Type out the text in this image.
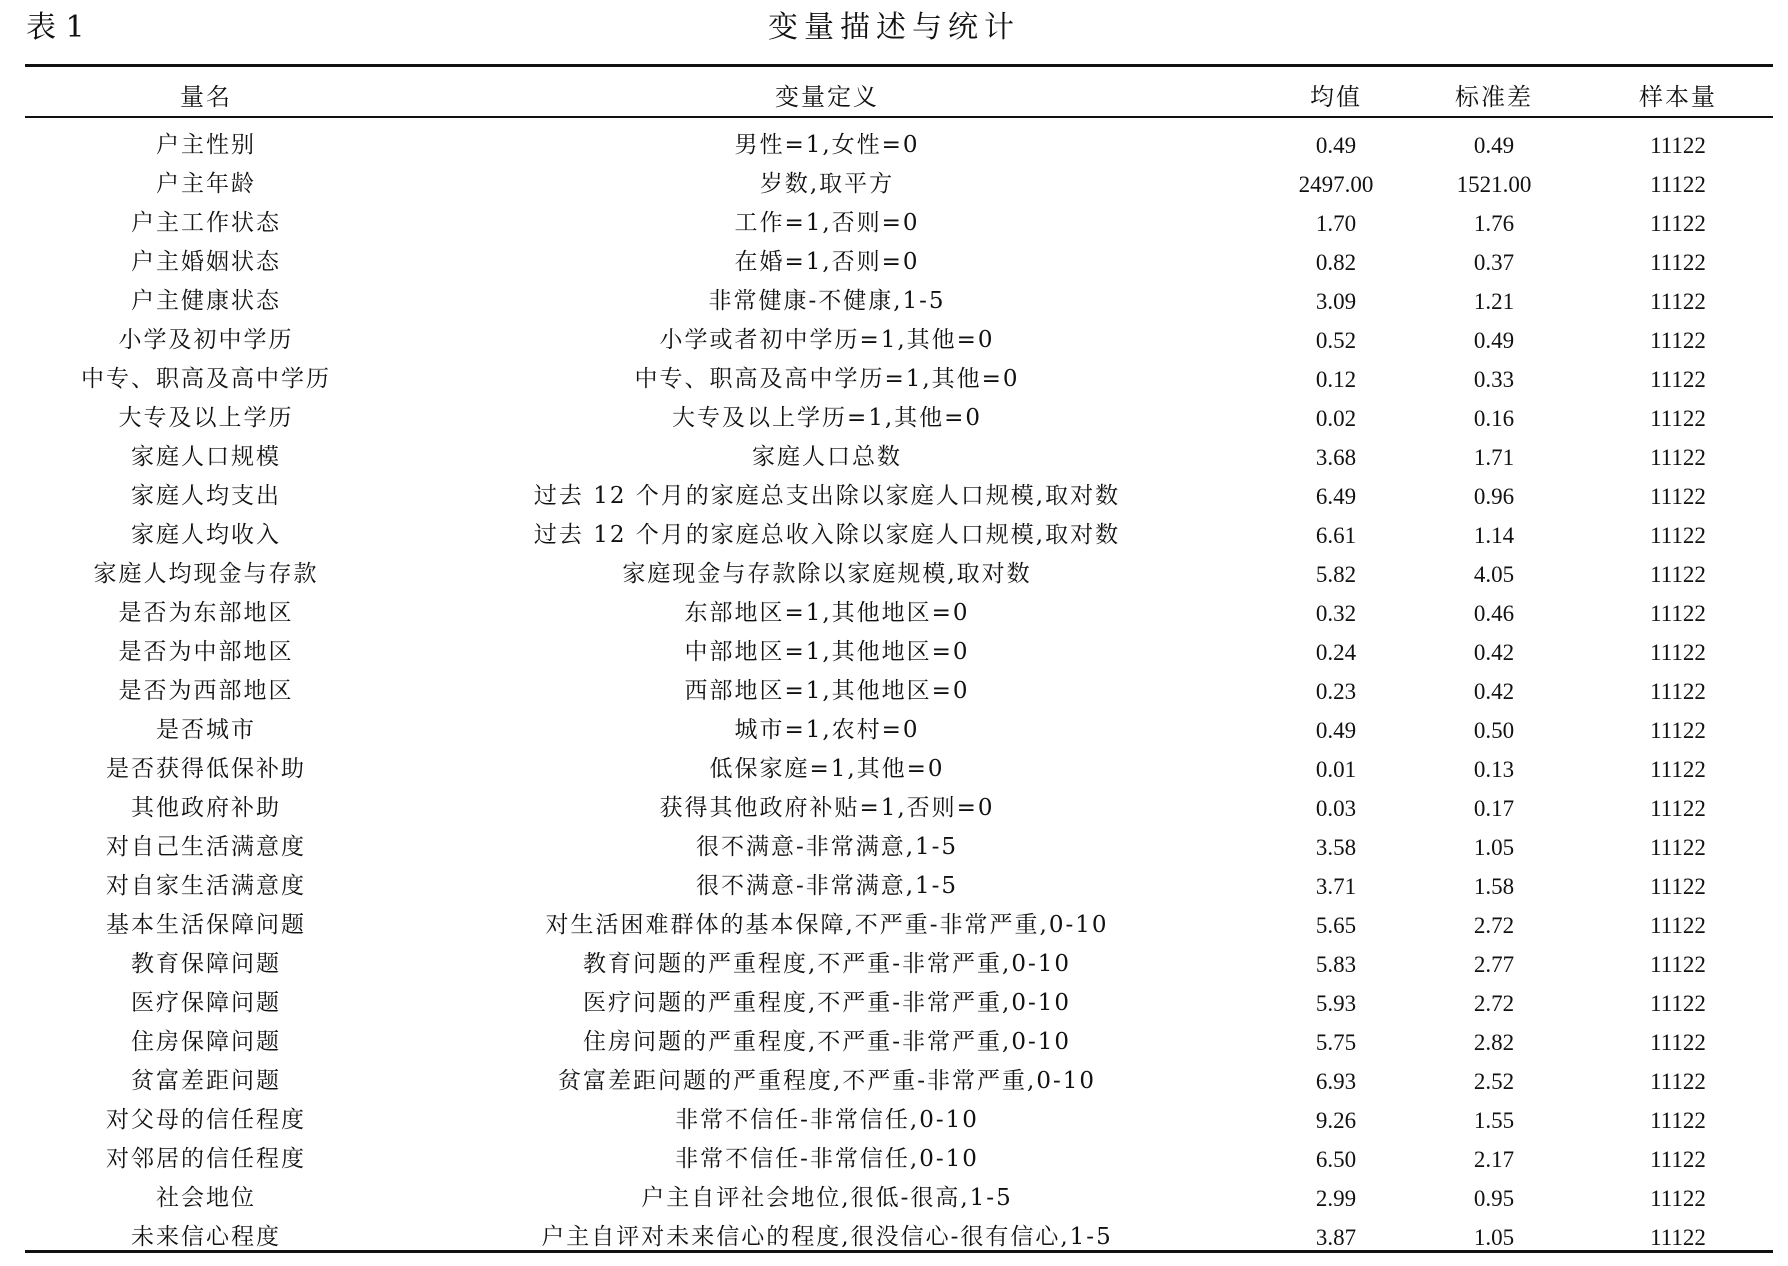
表 1	变量描述与统计
量名	变量定义	均值	标准差	样本量
户主性别	男性=1,女性=0	0.49	0.49	11122
户主年龄	岁数,取平方	2497.00	1521.00	11122
户主工作状态	工作=1,否则=0	1.70	1.76	11122
户主婚姻状态	在婚=1,否则=0	0.82	0.37	11122
户主健康状态	非常健康-不健康,1-5	3.09	1.21	11122
小学及初中学历	小学或者初中学历=1,其他=0	0.52	0.49	11122
中专、职高及高中学历	中专、职高及高中学历=1,其他=0	0.12	0.33	11122
大专及以上学历	大专及以上学历=1,其他=0	0.02	0.16	11122
家庭人口规模	家庭人口总数	3.68	1.71	11122
家庭人均支出	过去 12 个月的家庭总支出除以家庭人口规模,取对数	6.49	0.96	11122
家庭人均收入	过去 12 个月的家庭总收入除以家庭人口规模,取对数	6.61	1.14	11122
家庭人均现金与存款	家庭现金与存款除以家庭规模,取对数	5.82	4.05	11122
是否为东部地区	东部地区=1,其他地区=0	0.32	0.46	11122
是否为中部地区	中部地区=1,其他地区=0	0.24	0.42	11122
是否为西部地区	西部地区=1,其他地区=0	0.23	0.42	11122
是否城市	城市=1,农村=0	0.49	0.50	11122
是否获得低保补助	低保家庭=1,其他=0	0.01	0.13	11122
其他政府补助	获得其他政府补贴=1,否则=0	0.03	0.17	11122
对自己生活满意度	很不满意-非常满意,1-5	3.58	1.05	11122
对自家生活满意度	很不满意-非常满意,1-5	3.71	1.58	11122
基本生活保障问题	对生活困难群体的基本保障,不严重-非常严重,0-10	5.65	2.72	11122
教育保障问题	教育问题的严重程度,不严重-非常严重,0-10	5.83	2.77	11122
医疗保障问题	医疗问题的严重程度,不严重-非常严重,0-10	5.93	2.72	11122
住房保障问题	住房问题的严重程度,不严重-非常严重,0-10	5.75	2.82	11122
贫富差距问题	贫富差距问题的严重程度,不严重-非常严重,0-10	6.93	2.52	11122
对父母的信任程度	非常不信任-非常信任,0-10	9.26	1.55	11122
对邻居的信任程度	非常不信任-非常信任,0-10	6.50	2.17	11122
社会地位	户主自评社会地位,很低-很高,1-5	2.99	0.95	11122
未来信心程度	户主自评对未来信心的程度,很没信心-很有信心,1-5	3.87	1.05	11122
